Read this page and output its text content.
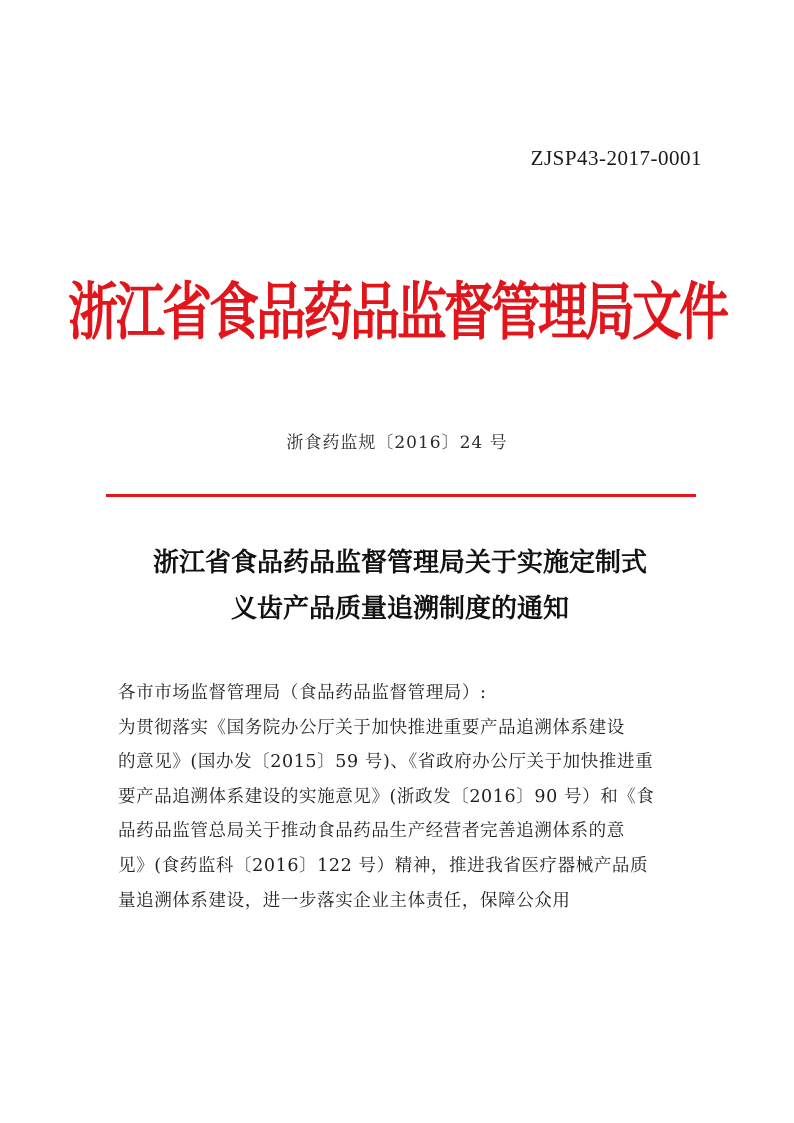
ZJSP43-2017-0001
浙江省食品药品监督管理局文件
浙食药监规〔2016〕24 号
浙江省食品药品监督管理局关于实施定制式
义齿产品质量追溯制度的通知
各市市场监督管理局（食品药品监督管理局）:
为贯彻落实《国务院办公厅关于加快推进重要产品追溯体系建设
的意见》(国办发〔2015〕59 号)、《省政府办公厅关于加快推进重
要产品追溯体系建设的实施意见》(浙政发〔2016〕90 号）和《食
品药品监管总局关于推动食品药品生产经营者完善追溯体系的意
见》(食药监科〔2016〕122 号）精神，推进我省医疗器械产品质
量追溯体系建设，进一步落实企业主体责任，保障公众用
